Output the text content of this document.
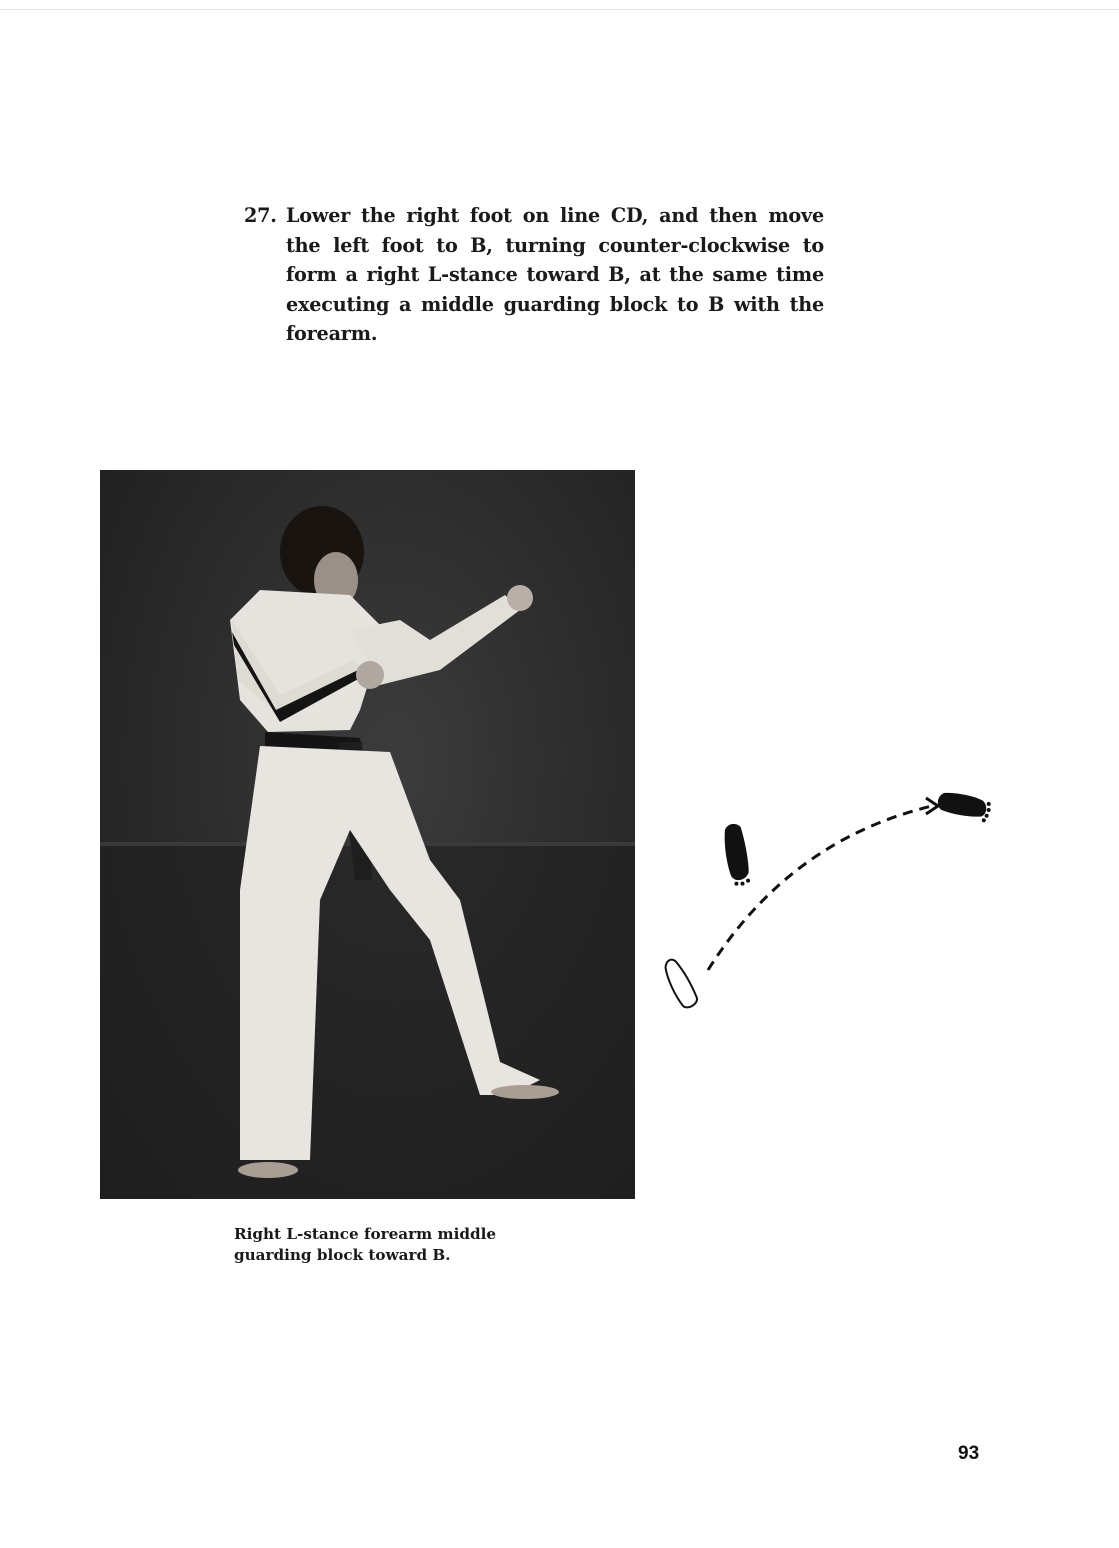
27. Lower the right foot on line CD, and then move the left foot to B, turning counter-clockwise to form a right L-stance toward B, at the same time executing a middle guarding block to B with the forearm.
Right L-stance forearm middle guarding block toward B.
93
